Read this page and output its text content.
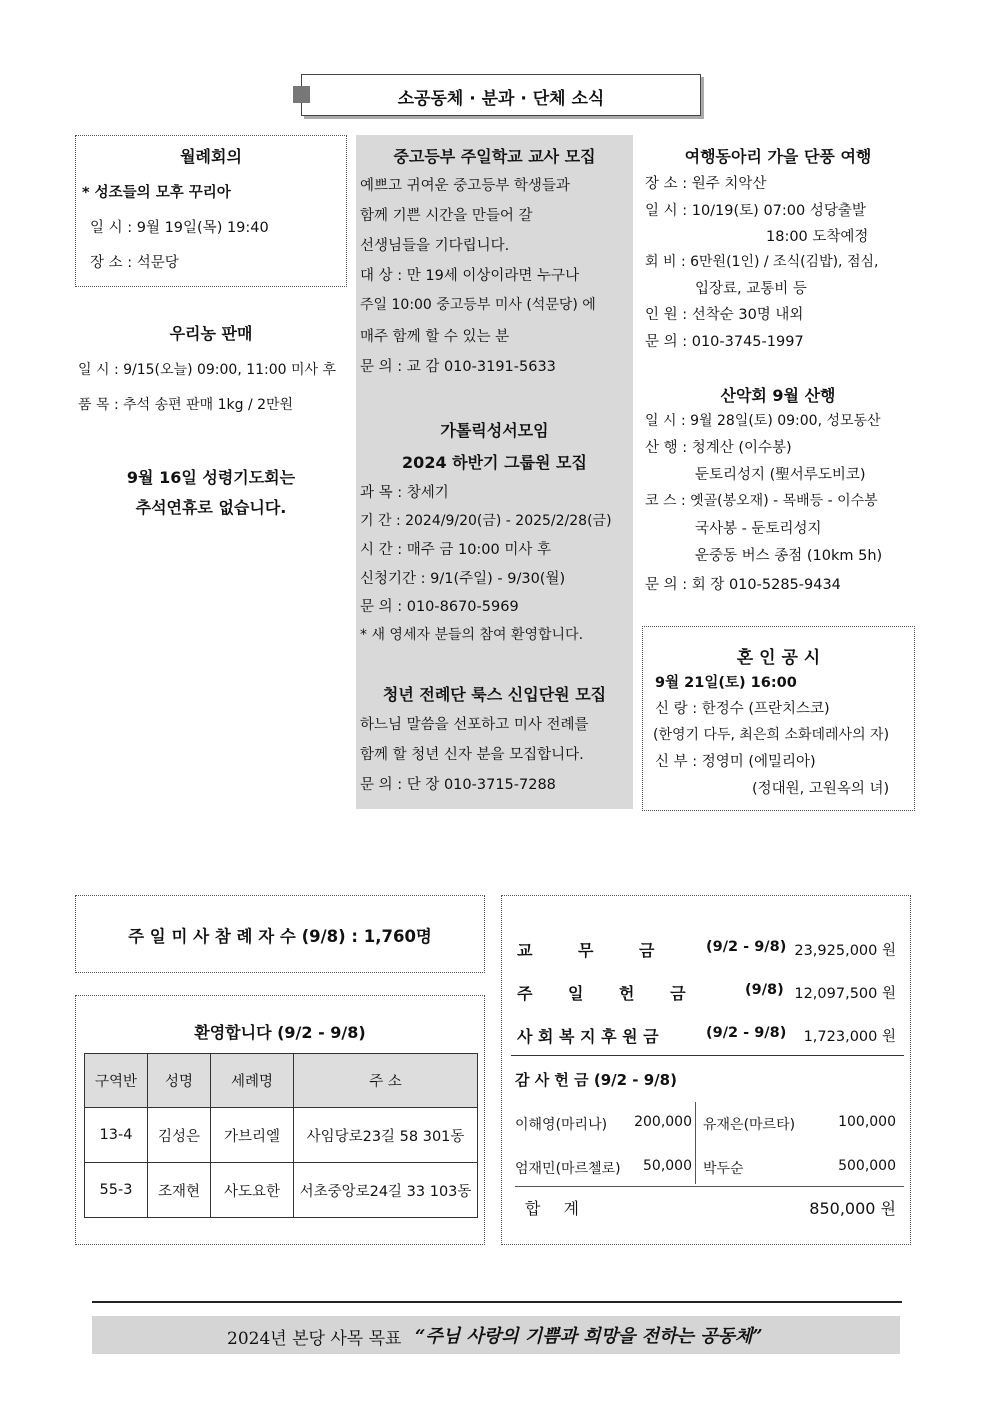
소공동체 · 분과 · 단체 소식
월례회의
* 성조들의 모후 꾸리아
일 시 : 9월 19일(목) 19:40
장 소 : 석문당
우리농 판매
일 시 : 9/15(오늘) 09:00, 11:00 미사 후
품 목 : 추석 송편 판매 1kg / 2만원
9월 16일 성령기도회는
추석연휴로 없습니다.
중고등부 주일학교 교사 모집
예쁘고 귀여운 중고등부 학생들과
함께 기쁜 시간을 만들어 갈
선생님들을 기다립니다.
대 상 : 만 19세 이상이라면 누구나
주일 10:00 중고등부 미사 (석문당) 에
매주 함께 할 수 있는 분
문 의 : 교 감 010-3191-5633
가톨릭성서모임
2024 하반기 그룹원 모집
과 목 : 창세기
기 간 : 2024/9/20(금) - 2025/2/28(금)
시 간 : 매주 금 10:00 미사 후
신청기간 : 9/1(주일) - 9/30(월)
문 의 : 010-8670-5969
* 새 영세자 분들의 참여 환영합니다.
청년 전례단 룩스 신입단원 모집
하느님 말씀을 선포하고 미사 전례를
함께 할 청년 신자 분을 모집합니다.
문 의 : 단 장 010-3715-7288
여행동아리 가을 단풍 여행
장 소 : 원주 치악산
일 시 : 10/19(토) 07:00 성당출발
18:00 도착예정
회 비 : 6만원(1인) / 조식(김밥), 점심,
입장료, 교통비 등
인 원 : 선착순 30명 내외
문 의 : 010-3745-1997
산악회 9월 산행
일 시 : 9월 28일(토) 09:00, 성모동산
산 행 : 청계산 (이수봉)
둔토리성지 (聖서루도비코)
코 스 : 옛골(봉오재) - 목배등 - 이수봉
국사봉 - 둔토리성지
운중동 버스 종점 (10km 5h)
문 의 : 회 장 010-5285-9434
혼 인 공 시
9월 21일(토) 16:00
신 랑 : 한정수 (프란치스코)
(한영기 다두, 최은희 소화데레사의 자)
신 부 : 정영미 (에밀리아)
(정대원, 고원옥의 녀)
주 일 미 사 참 례 자 수 (9/8) : 1,760명
환영합니다 (9/2 - 9/8)
구역반	성명	세례명	주 소
13-4	김성은	가브리엘	사임당로23길 58 301동
55-3	조재현	사도요한	서초중앙로24길 33 103동
교 무 금	(9/2 - 9/8) 23,925,000 원
주 일 헌 금	(9/8) 12,097,500 원
사 회 복 지 후 원 금	(9/2 - 9/8) 1,723,000 원
감 사 헌 금 (9/2 - 9/8)
이해영(마리나) 200,000 유재은(마르타)	100,000
엄재민(마르첼로) 50,000 박두순	500,000
합 계	850,000 원
2024년 본당 사목 목표 “주님 사랑의 기쁨과 희망을 전하는 공동체”
